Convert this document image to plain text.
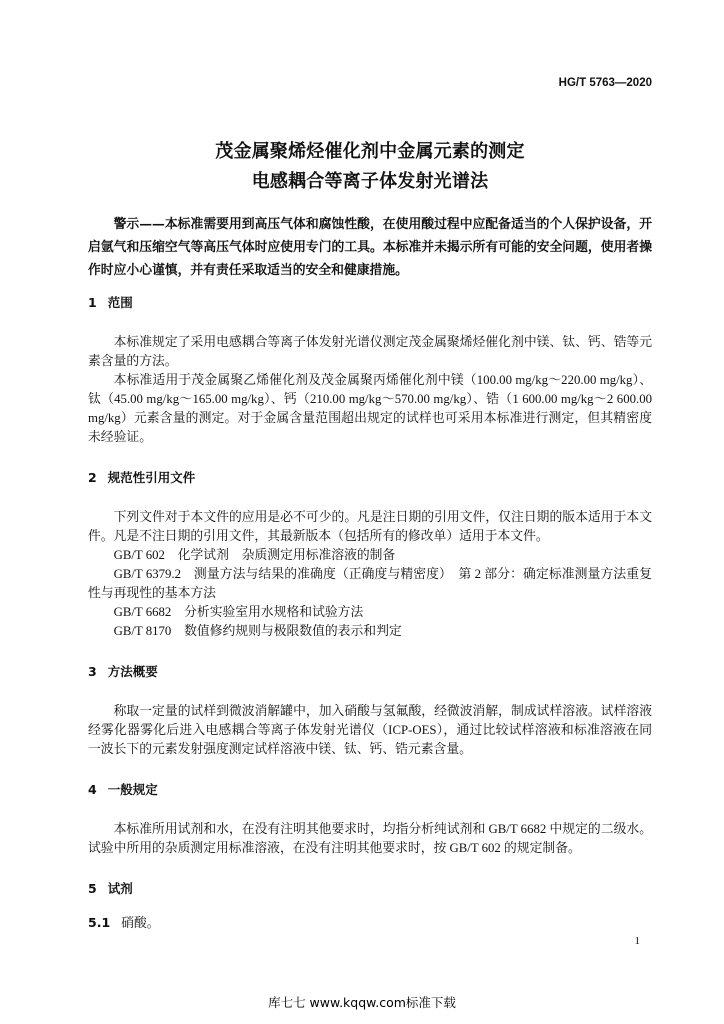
HG/T 5763—2020
茂金属聚烯烃催化剂中金属元素的测定
电感耦合等离子体发射光谱法

警示——本标准需要用到高压气体和腐蚀性酸，在使用酸过程中应配备适当的个人保护设备，开启氩气和压缩空气等高压气体时应使用专门的工具。本标准并未揭示所有可能的安全问题，使用者操作时应小心谨慎，并有责任采取适当的安全和健康措施。

1 范围

本标准规定了采用电感耦合等离子体发射光谱仪测定茂金属聚烯烃催化剂中镁、钛、钙、锆等元素含量的方法。

本标准适用于茂金属聚乙烯催化剂及茂金属聚丙烯催化剂中镁（100.00 mg/kg～220.00 mg/kg）、钛（45.00 mg/kg～165.00 mg/kg）、钙（210.00 mg/kg～570.00 mg/kg）、锆（1 600.00 mg/kg～2 600.00 mg/kg）元素含量的测定。对于金属含量范围超出规定的试样也可采用本标准进行测定，但其精密度未经验证。

2 规范性引用文件

下列文件对于本文件的应用是必不可少的。凡是注日期的引用文件，仅注日期的版本适用于本文件。凡是不注日期的引用文件，其最新版本（包括所有的修改单）适用于本文件。

GB/T 602 化学试剂　杂质测定用标准溶液的制备

GB/T 6379.2 测量方法与结果的准确度（正确度与精密度）　第 2 部分：确定标准测量方法重复性与再现性的基本方法

GB/T 6682 分析实验室用水规格和试验方法

GB/T 8170 数值修约规则与极限数值的表示和判定

3 方法概要

称取一定量的试样到微波消解罐中，加入硝酸与氢氟酸，经微波消解，制成试样溶液。试样溶液经雾化器雾化后进入电感耦合等离子体发射光谱仪（ICP-OES），通过比较试样溶液和标准溶液在同一波长下的元素发射强度测定试样溶液中镁、钛、钙、锆元素含量。

4 一般规定

本标准所用试剂和水，在没有注明其他要求时，均指分析纯试剂和 GB/T 6682 中规定的二级水。试验中所用的杂质测定用标准溶液，在没有注明其他要求时，按 GB/T 602 的规定制备。

5 试剂

5.1 硝酸。

1
库七七 www.kqqw.com标准下载
